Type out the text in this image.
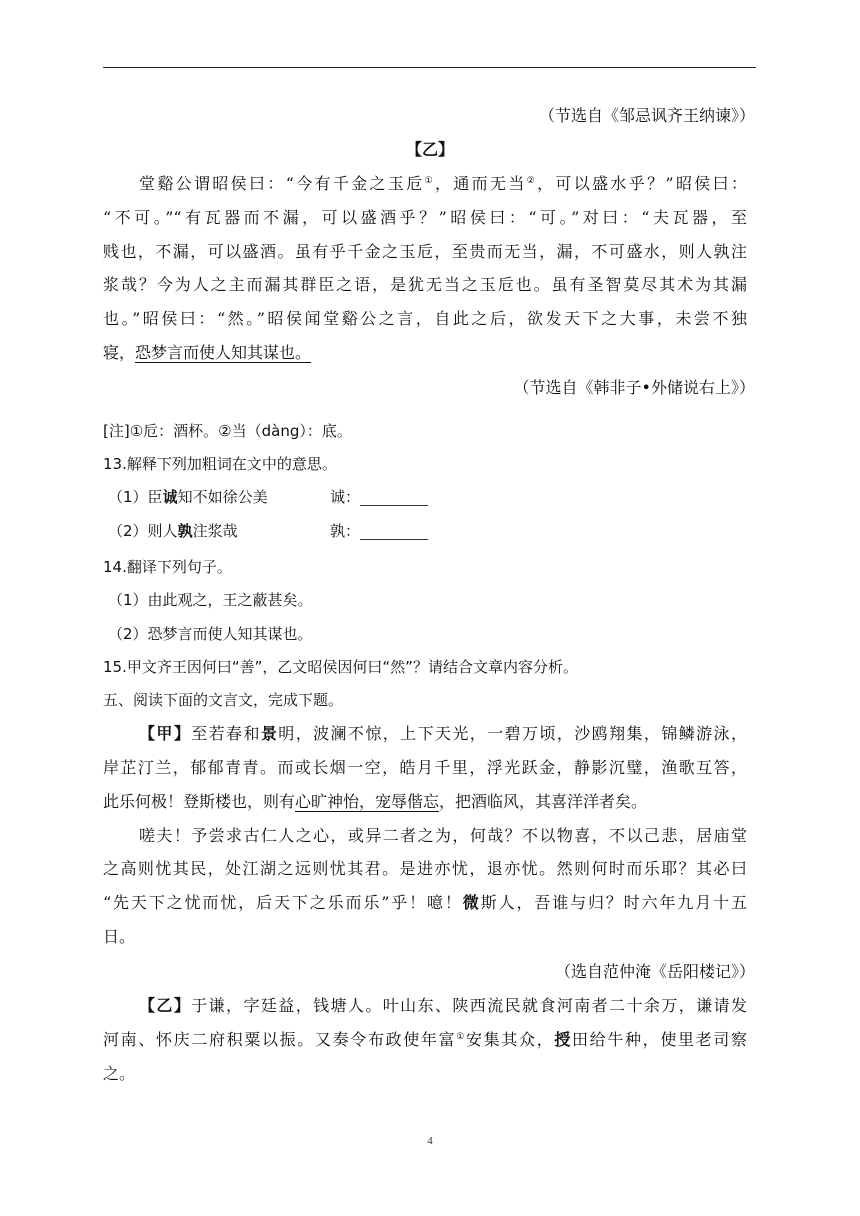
（节选自《邹忌讽齐王纳谏》）
【乙】
堂谿公谓昭侯曰：“今有千金之玉卮①，通而无当②，可以盛水乎？”昭侯曰：
“不可。”“有瓦器而不漏，可以盛酒乎？”昭侯曰：“可。”对曰：“夫瓦器，至
贱也，不漏，可以盛酒。虽有乎千金之玉卮，至贵而无当，漏，不可盛水，则人孰注
浆哉？今为人之主而漏其群臣之语，是犹无当之玉卮也。虽有圣智莫尽其术为其漏
也。”昭侯曰：“然。”昭侯闻堂谿公之言，自此之后，欲发天下之大事，未尝不独
寝，恐梦言而使人知其谋也。
（节选自《韩非子•外储说右上》）
[注]①卮：酒杯。②当（dàng）：底。
13.解释下列加粗词在文中的意思。
（1）臣诚知不如徐公美	诚：
（2）则人孰注浆哉	孰：
14.翻译下列句子。
（1）由此观之，王之蔽甚矣。
（2）恐梦言而使人知其谋也。
15.甲文齐王因何曰“善”，乙文昭侯因何曰“然”？请结合文章内容分析。
五、阅读下面的文言文，完成下题。
【甲】至若春和景明，波澜不惊，上下天光，一碧万顷，沙鸥翔集，锦鳞游泳，
岸芷汀兰，郁郁青青。而或长烟一空，皓月千里，浮光跃金，静影沉璧，渔歌互答，
此乐何极！登斯楼也，则有心旷神怡，宠辱偕忘，把酒临风，其喜洋洋者矣。
嗟夫！予尝求古仁人之心，或异二者之为，何哉？不以物喜，不以己悲，居庙堂
之高则忧其民，处江湖之远则忧其君。是进亦忧，退亦忧。然则何时而乐耶？其必曰
“先天下之忧而忧，后天下之乐而乐”乎！噫！微斯人，吾谁与归？时六年九月十五
日。
（选自范仲淹《岳阳楼记》）
【乙】于谦，字廷益，钱塘人。叶山东、陕西流民就食河南者二十余万，谦请发
河南、怀庆二府积粟以振。又奏令布政使年富①安集其众，授田给牛种，使里老司察
之。
4
